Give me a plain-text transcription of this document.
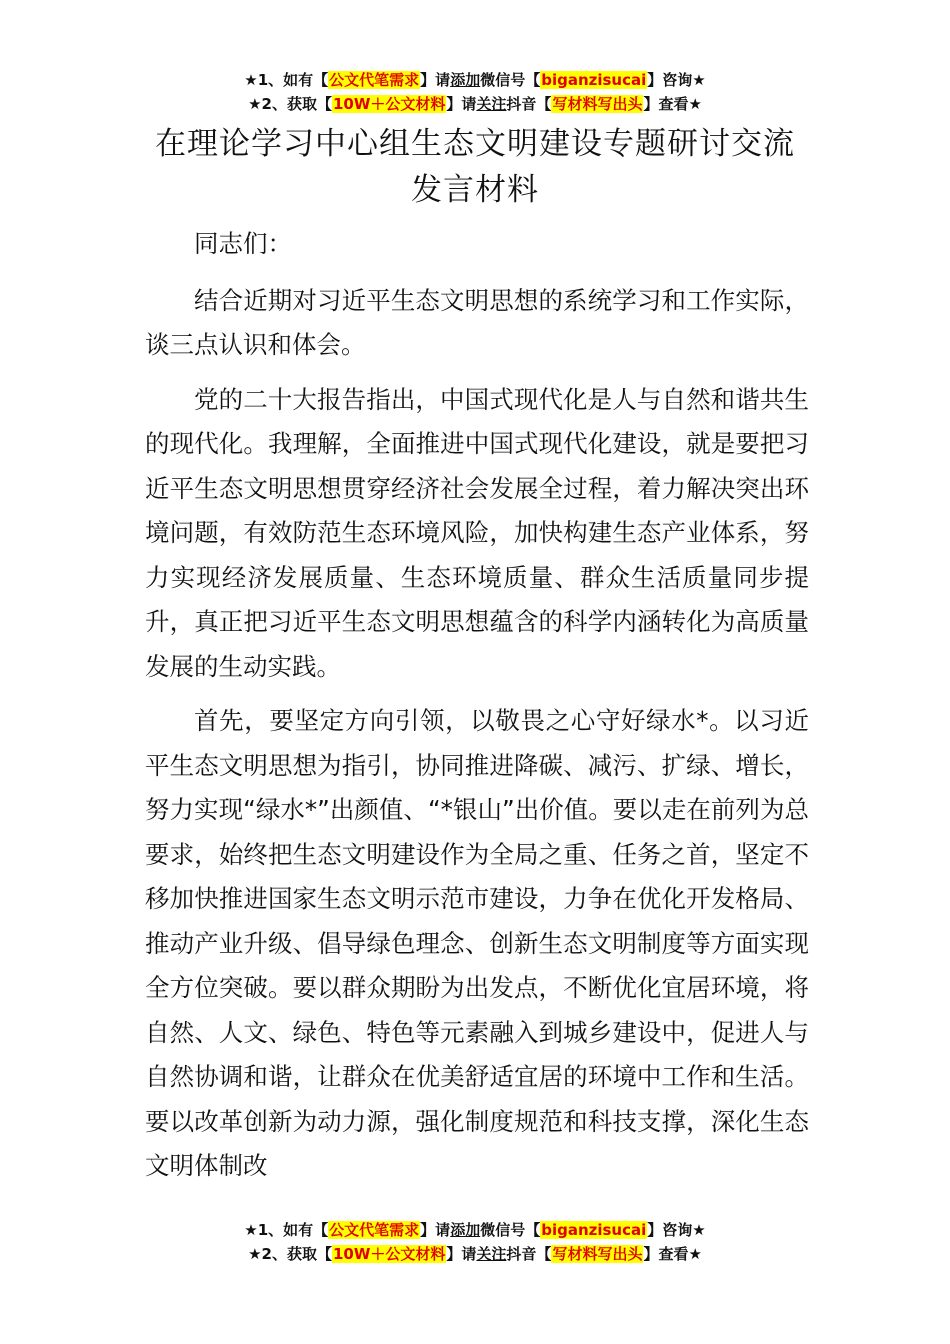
★1、如有【公文代笔需求】请添加微信号【biganzisucai】咨询★
★2、获取【10W＋公文材料】请关注抖音【写材料写出头】查看★
在理论学习中心组生态文明建设专题研讨交流发言材料

同志们：

结合近期对习近平生态文明思想的系统学习和工作实际，谈三点认识和体会。

党的二十大报告指出，中国式现代化是人与自然和谐共生的现代化。我理解，全面推进中国式现代化建设，就是要把习近平生态文明思想贯穿经济社会发展全过程，着力解决突出环境问题，有效防范生态环境风险，加快构建生态产业体系，努力实现经济发展质量、生态环境质量、群众生活质量同步提升，真正把习近平生态文明思想蕴含的科学内涵转化为高质量发展的生动实践。

首先，要坚定方向引领，以敬畏之心守好绿水*。以习近平生态文明思想为指引，协同推进降碳、减污、扩绿、增长，努力实现“绿水*”出颜值、“*银山”出价值。要以走在前列为总要求，始终把生态文明建设作为全局之重、任务之首，坚定不移加快推进国家生态文明示范市建设，力争在优化开发格局、推动产业升级、倡导绿色理念、创新生态文明制度等方面实现全方位突破。要以群众期盼为出发点，不断优化宜居环境，将自然、人文、绿色、特色等元素融入到城乡建设中，促进人与自然协调和谐，让群众在优美舒适宜居的环境中工作和生活。要以改革创新为动力源，强化制度规范和科技支撑，深化生态文明体制改

★1、如有【公文代笔需求】请添加微信号【biganzisucai】咨询★
★2、获取【10W＋公文材料】请关注抖音【写材料写出头】查看★
